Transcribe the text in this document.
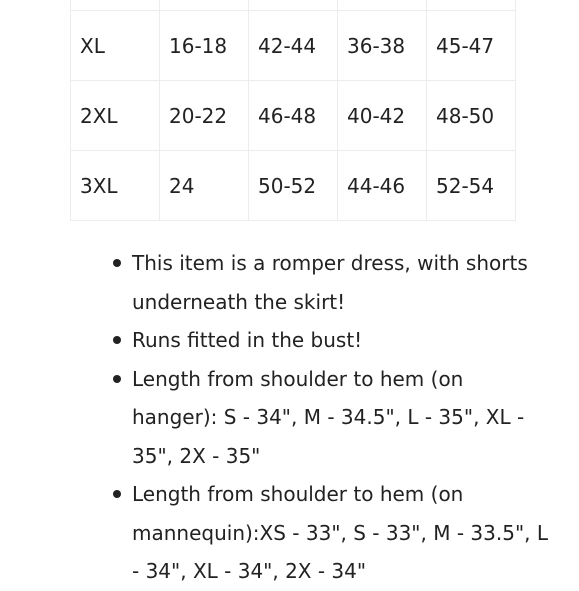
XL	16-18	42-44	36-38	45-47
2XL	20-22	46-48	40-42	48-50
3XL	24	50-52	44-46	52-54
This item is a romper dress, with shorts underneath the skirt!
Runs fitted in the bust!
Length from shoulder to hem (on hanger): S - 34", M - 34.5", L - 35", XL - 35", 2X - 35"
Length from shoulder to hem (on mannequin):XS - 33", S - 33", M - 33.5", L - 34", XL - 34", 2X - 34"
